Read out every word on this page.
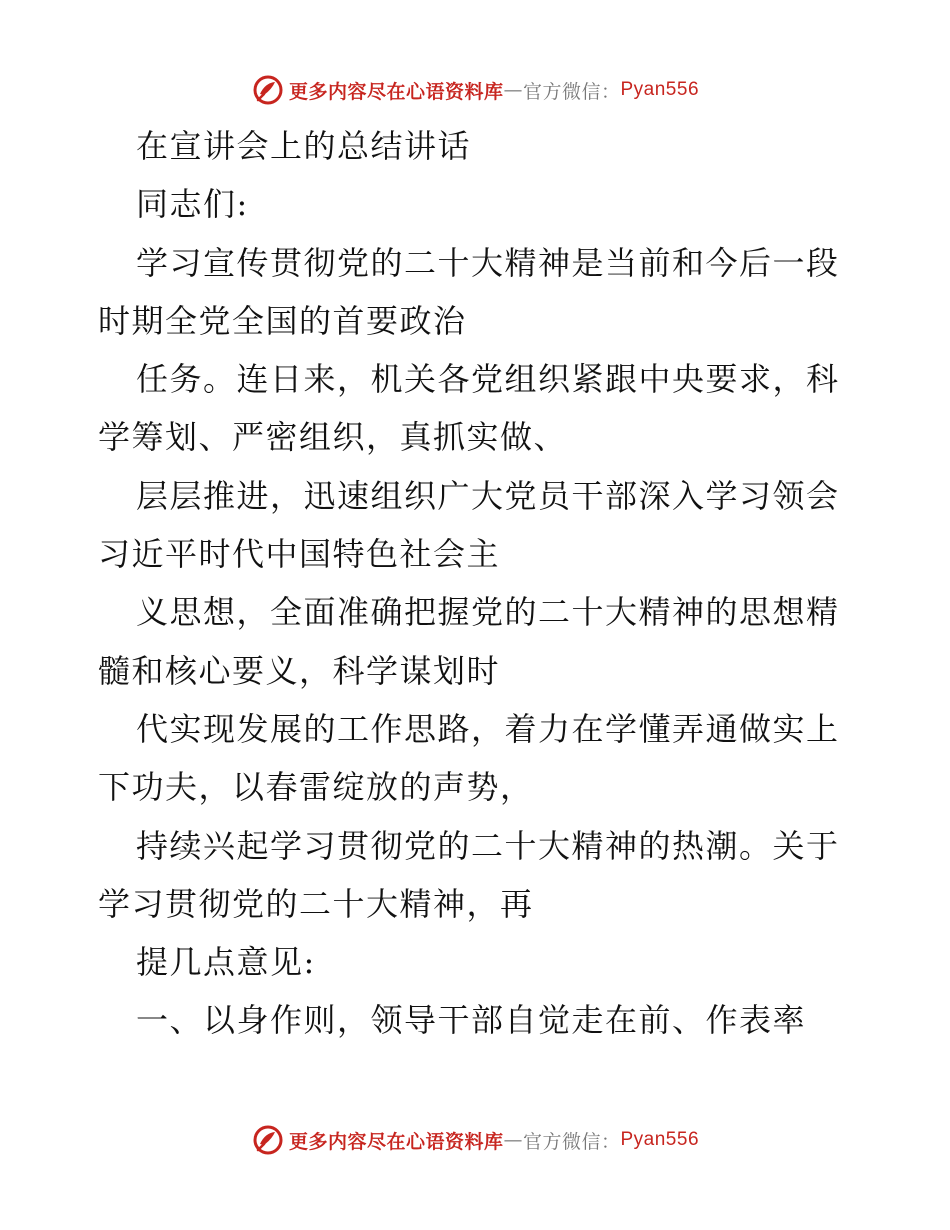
更多内容尽在心语资料库 — 官方微信： Pyan556
在宣讲会上的总结讲话
同志们:
学习宣传贯彻党的二十大精神是当前和今后一段
时期全党全国的首要政治
任务。连日来，机关各党组织紧跟中央要求，科
学筹划、严密组织，真抓实做、
层层推进，迅速组织广大党员干部深入学习领会
习近平时代中国特色社会主
义思想，全面准确把握党的二十大精神的思想精
髓和核心要义，科学谋划时
代实现发展的工作思路，着力在学懂弄通做实上
下功夫，以春雷绽放的声势，
持续兴起学习贯彻党的二十大精神的热潮。关于
学习贯彻党的二十大精神，再
提几点意见:
一、以身作则，领导干部自觉走在前、作表率
更多内容尽在心语资料库 — 官方微信： Pyan556
